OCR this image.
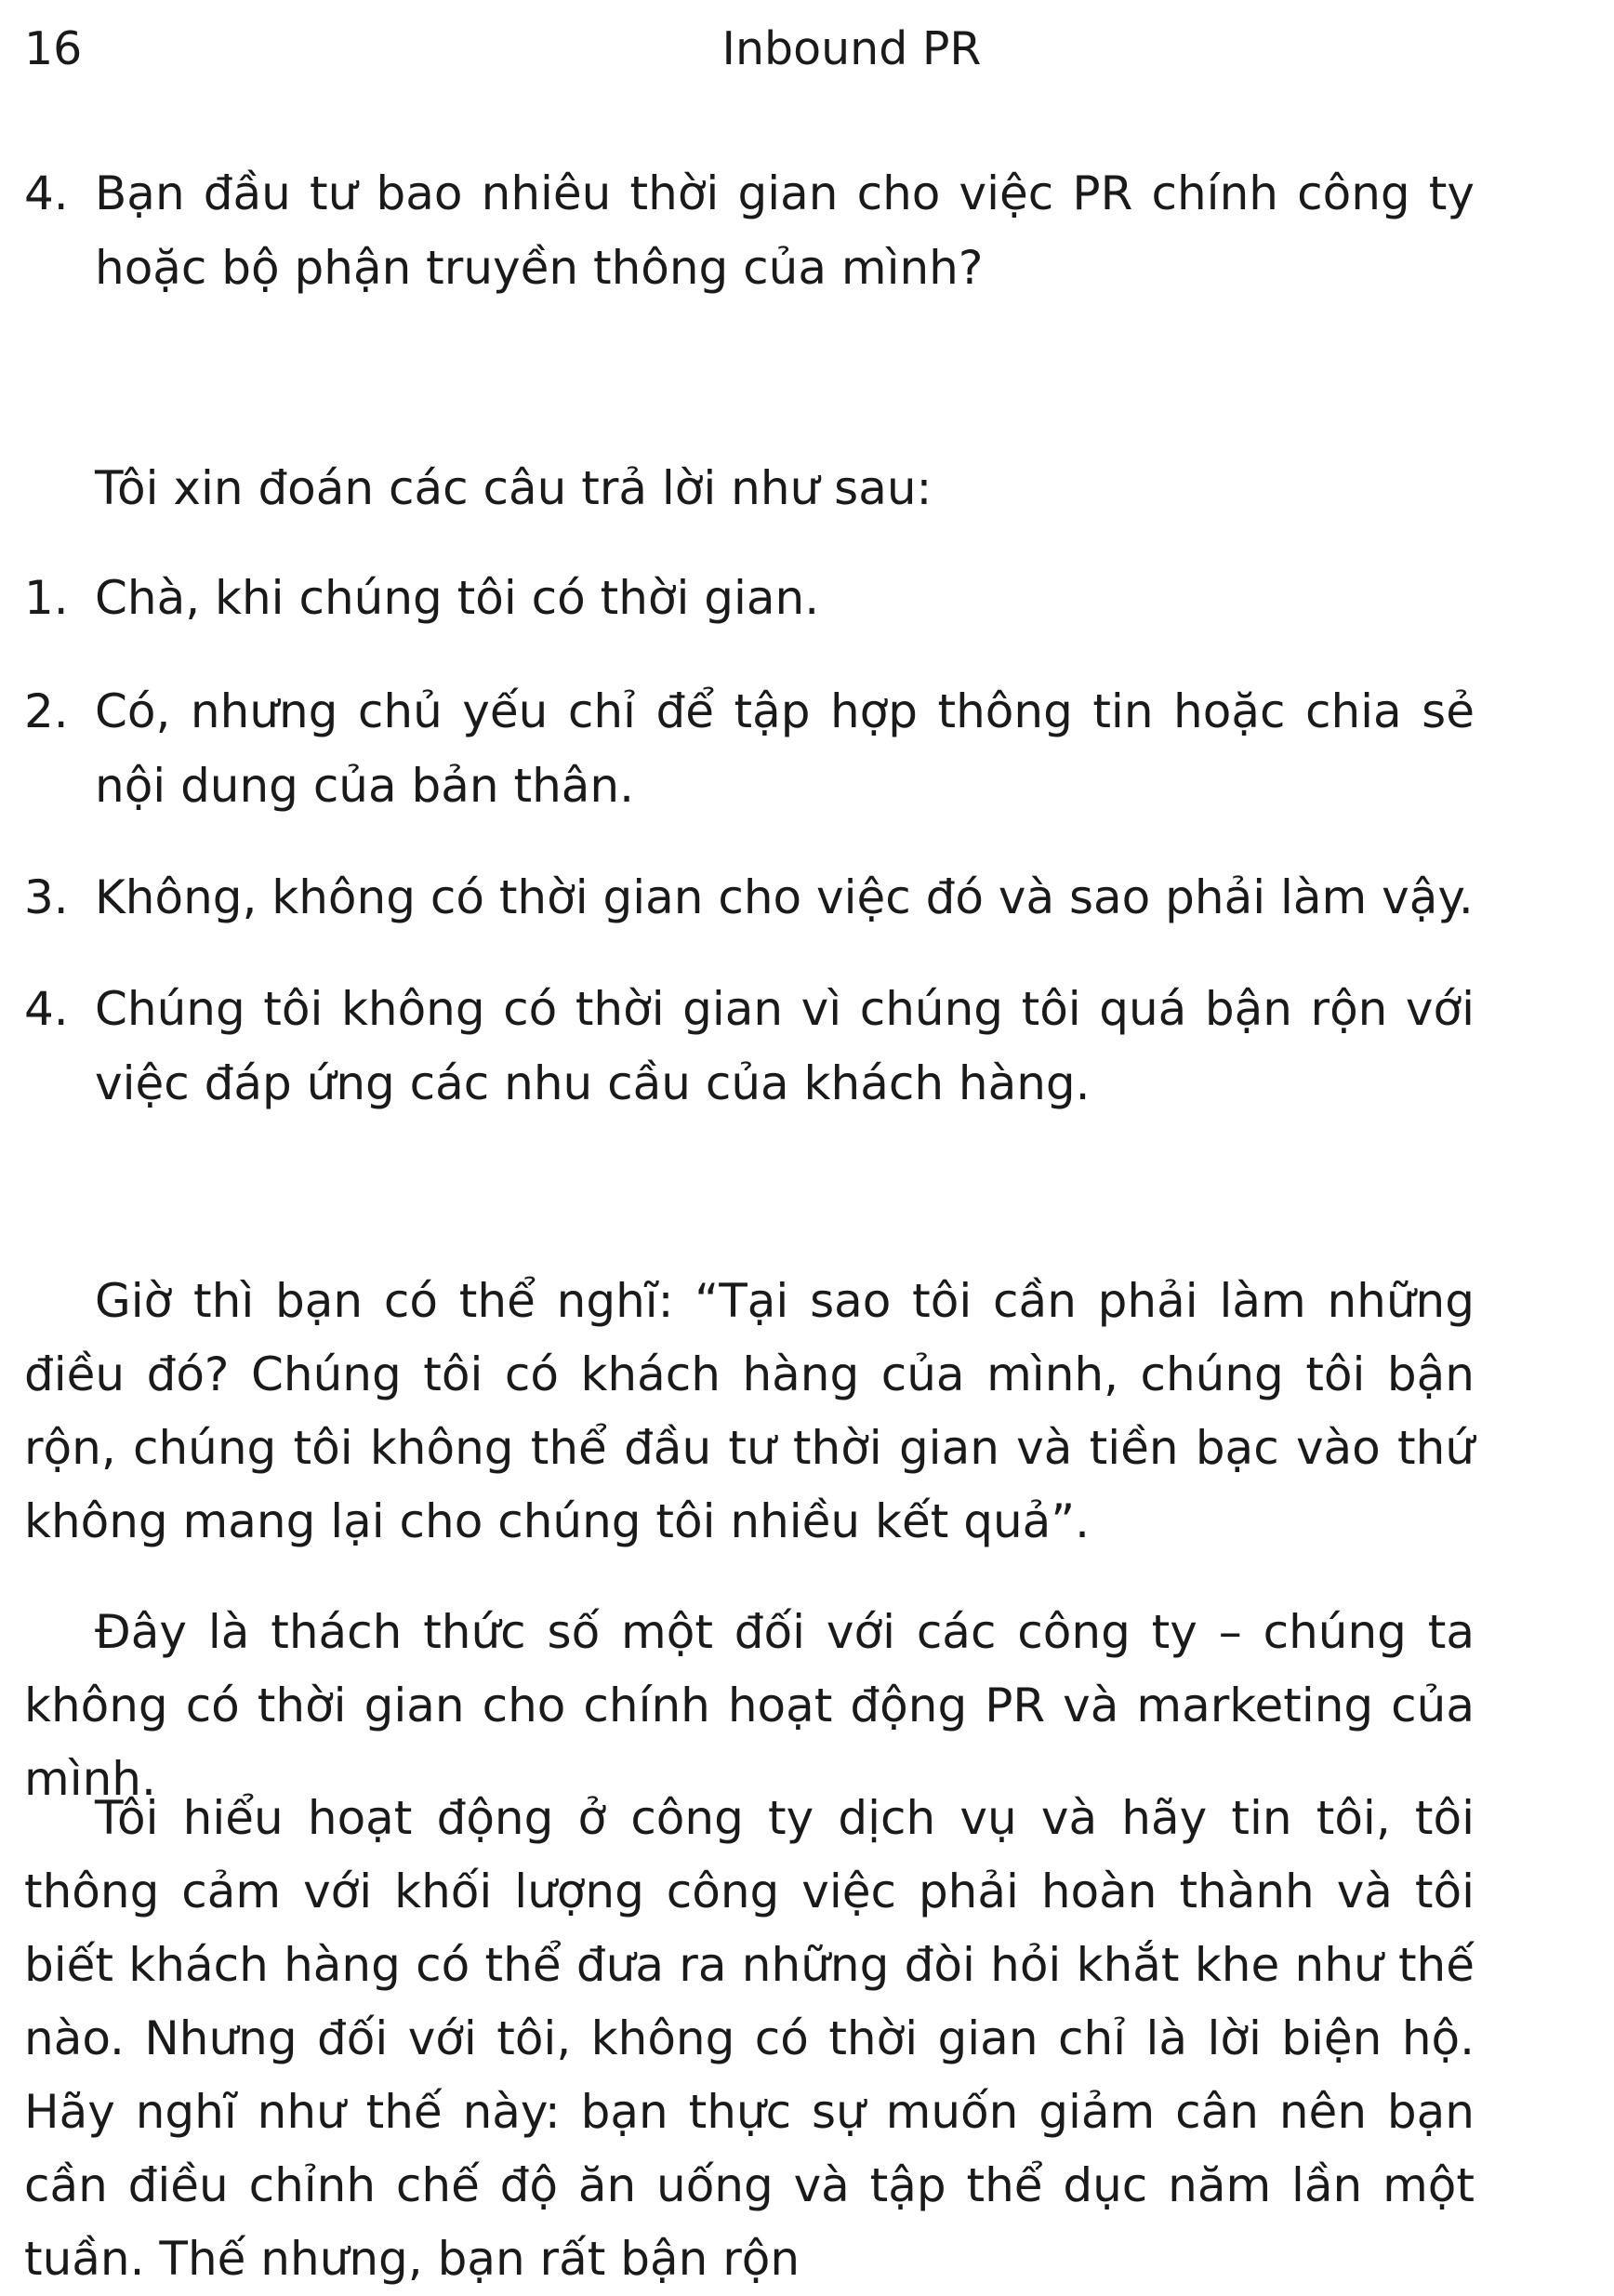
16	Inbound PR
4. Bạn đầu tư bao nhiêu thời gian cho việc PR chính công ty hoặc bộ phận truyền thông của mình?
Tôi xin đoán các câu trả lời như sau:
1. Chà, khi chúng tôi có thời gian.
2. Có, nhưng chủ yếu chỉ để tập hợp thông tin hoặc chia sẻ nội dung của bản thân.
3. Không, không có thời gian cho việc đó và sao phải làm vậy.
4. Chúng tôi không có thời gian vì chúng tôi quá bận rộn với việc đáp ứng các nhu cầu của khách hàng.
Giờ thì bạn có thể nghĩ: “Tại sao tôi cần phải làm những điều đó? Chúng tôi có khách hàng của mình, chúng tôi bận rộn, chúng tôi không thể đầu tư thời gian và tiền bạc vào thứ không mang lại cho chúng tôi nhiều kết quả”.
Đây là thách thức số một đối với các công ty – chúng ta không có thời gian cho chính hoạt động PR và marketing của mình.
Tôi hiểu hoạt động ở công ty dịch vụ và hãy tin tôi, tôi thông cảm với khối lượng công việc phải hoàn thành và tôi biết khách hàng có thể đưa ra những đòi hỏi khắt khe như thế nào. Nhưng đối với tôi, không có thời gian chỉ là lời biện hộ. Hãy nghĩ như thế này: bạn thực sự muốn giảm cân nên bạn cần điều chỉnh chế độ ăn uống và tập thể dục năm lần một tuần. Thế nhưng, bạn rất bận rộn
